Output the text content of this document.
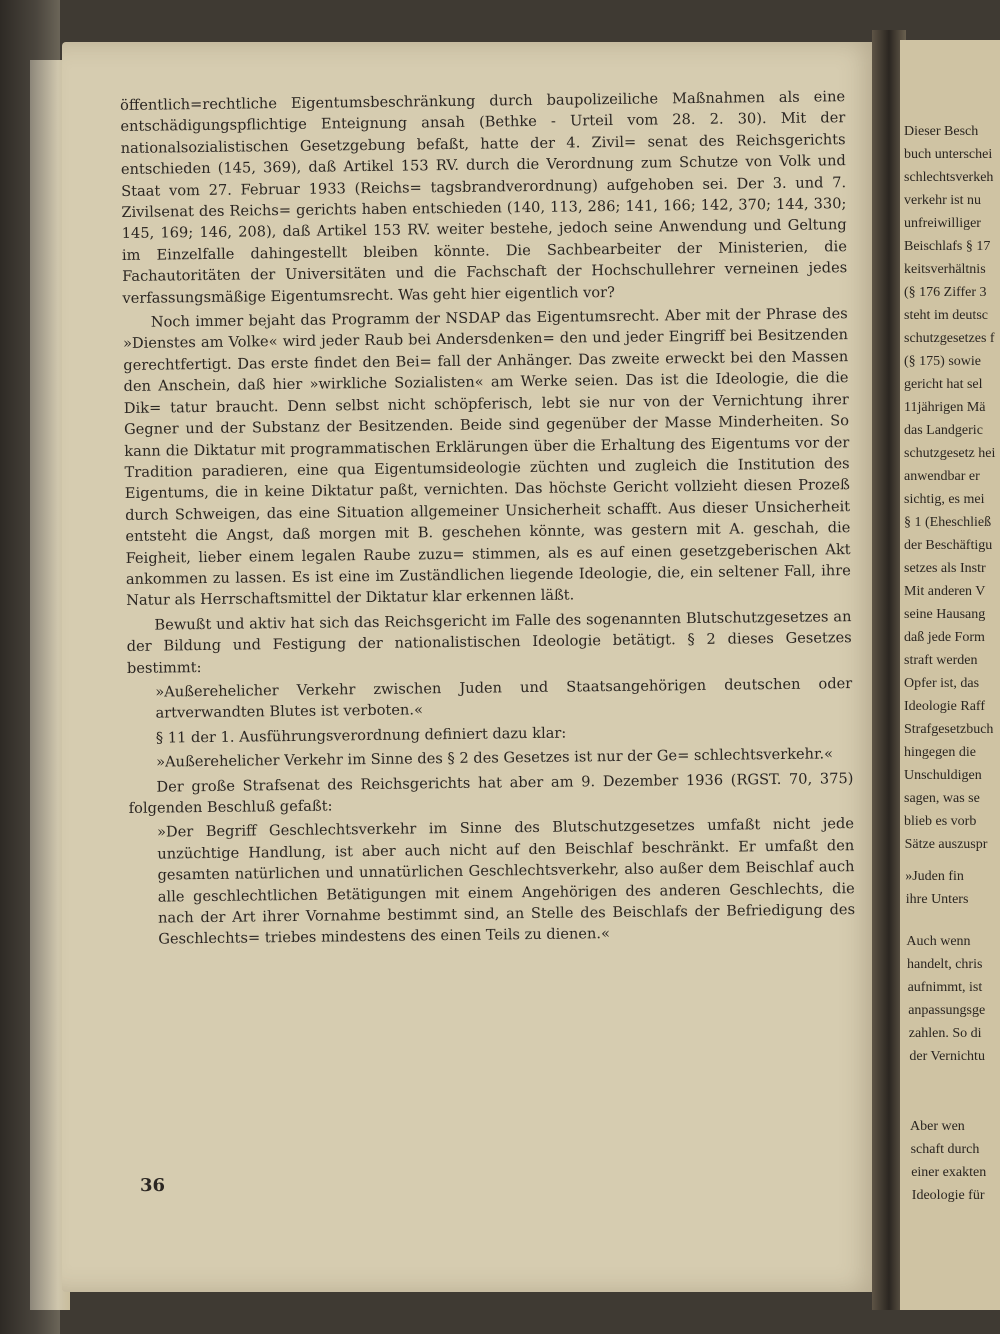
öffentlich=rechtliche Eigentumsbeschränkung durch baupolizeiliche Maßnahmen als eine entschädigungspflichtige Enteignung ansah (Bethke - Urteil vom 28. 2. 30). Mit der nationalsozialistischen Gesetzgebung befaßt, hatte der 4. Zivil= senat des Reichsgerichts entschieden (145, 369), daß Artikel 153 RV. durch die Verordnung zum Schutze von Volk und Staat vom 27. Februar 1933 (Reichs= tagsbrandverordnung) aufgehoben sei. Der 3. und 7. Zivilsenat des Reichs= gerichts haben entschieden (140, 113, 286; 141, 166; 142, 370; 144, 330; 145, 169; 146, 208), daß Artikel 153 RV. weiter bestehe, jedoch seine Anwendung und Geltung im Einzelfalle dahingestellt bleiben könnte. Die Sachbearbeiter der Ministerien, die Fachautoritäten der Universitäten und die Fachschaft der Hochschullehrer verneinen jedes verfassungsmäßige Eigentumsrecht. Was geht hier eigentlich vor?

Noch immer bejaht das Programm der NSDAP das Eigentumsrecht. Aber mit der Phrase des »Dienstes am Volke« wird jeder Raub bei Andersdenken= den und jeder Eingriff bei Besitzenden gerechtfertigt. Das erste findet den Bei= fall der Anhänger. Das zweite erweckt bei den Massen den Anschein, daß hier »wirkliche Sozialisten« am Werke seien. Das ist die Ideologie, die die Dik= tatur braucht. Denn selbst nicht schöpferisch, lebt sie nur von der Vernichtung ihrer Gegner und der Substanz der Besitzenden. Beide sind gegenüber der Masse Minderheiten. So kann die Diktatur mit programmatischen Erklärungen über die Erhaltung des Eigentums vor der Tradition paradieren, eine qua Eigentumsideologie züchten und zugleich die Institution des Eigentums, die in keine Diktatur paßt, vernichten. Das höchste Gericht vollzieht diesen Prozeß durch Schweigen, das eine Situation allgemeiner Unsicherheit schafft. Aus dieser Unsicherheit entsteht die Angst, daß morgen mit B. geschehen könnte, was gestern mit A. geschah, die Feigheit, lieber einem legalen Raube zuzu= stimmen, als es auf einen gesetzgeberischen Akt ankommen zu lassen. Es ist eine im Zuständlichen liegende Ideologie, die, ein seltener Fall, ihre Natur als Herrschaftsmittel der Diktatur klar erkennen läßt.

Bewußt und aktiv hat sich das Reichsgericht im Falle des sogenannten Blutschutzgesetzes an der Bildung und Festigung der nationalistischen Ideologie betätigt. § 2 dieses Gesetzes bestimmt:

»Außerehelicher Verkehr zwischen Juden und Staatsangehörigen deutschen oder artverwandten Blutes ist verboten.«

§ 11 der 1. Ausführungsverordnung definiert dazu klar:

»Außerehelicher Verkehr im Sinne des § 2 des Gesetzes ist nur der Ge= schlechtsverkehr.«

Der große Strafsenat des Reichsgerichts hat aber am 9. Dezember 1936 (RGST. 70, 375) folgenden Beschluß gefaßt:

»Der Begriff Geschlechtsverkehr im Sinne des Blutschutzgesetzes umfaßt nicht jede unzüchtige Handlung, ist aber auch nicht auf den Beischlaf beschränkt. Er umfaßt den gesamten natürlichen und unnatürlichen Geschlechtsverkehr, also außer dem Beischlaf auch alle geschlechtlichen Betätigungen mit einem Angehörigen des anderen Geschlechts, die nach der Art ihrer Vornahme bestimmt sind, an Stelle des Beischlafs der Befriedigung des Geschlechts= triebes mindestens des einen Teils zu dienen.«

36
Dieser Besch
buch unterschei
schlechtsverkeh
verkehr ist nu
unfreiwilliger
Beischlafs § 17
keitsverhältnis
(§ 176 Ziffer 3
steht im deutsc
schutzgesetzes f
(§ 175) sowie
gericht hat sel
11jährigen Mä
das Landgeric
schutzgesetz hei
anwendbar er
sichtig, es mei
§ 1 (Eheschließ
der Beschäftigu
setzes als Instr
Mit anderen V
seine Hausang
daß jede Form
straft werden
Opfer ist, das
Ideologie Raff
Strafgesetzbuch
hingegen die
Unschuldigen
sagen, was se
blieb es vorb
Sätze auszuspr
»Juden fin
ihre Unters
Auch wenn
handelt, chris
aufnimmt, ist
anpassungsge
zahlen. So di
der Vernichtu
Aber wen
schaft durch
einer exakten
Ideologie für
